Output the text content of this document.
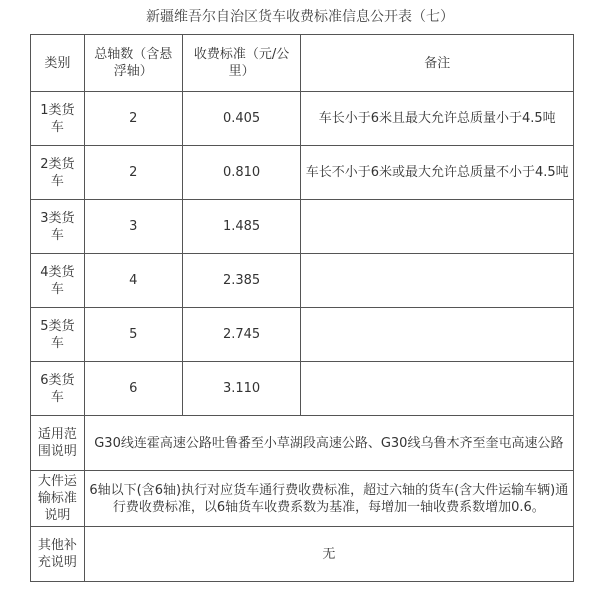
新疆维吾尔自治区货车收费标准信息公开表（七）
类别	总轴数（含悬浮轴）	收费标准（元/公里）	备注
1类货车	2	0.405	车长小于6米且最大允许总质量小于4.5吨
2类货车	2	0.810	车长不小于6米或最大允许总质量不小于4.5吨
3类货车	3	1.485	
4类货车	4	2.385	
5类货车	5	2.745	
6类货车	6	3.110	
适用范围说明	G30线连霍高速公路吐鲁番至小草湖段高速公路、G30线乌鲁木齐至奎屯高速公路		
大件运输标准说明	6轴以下(含6轴)执行对应货车通行费收费标准，超过六轴的货车(含大件运输车辆)通行费收费标准，以6轴货车收费系数为基准，每增加一轴收费系数增加0.6。		
其他补充说明	无		
